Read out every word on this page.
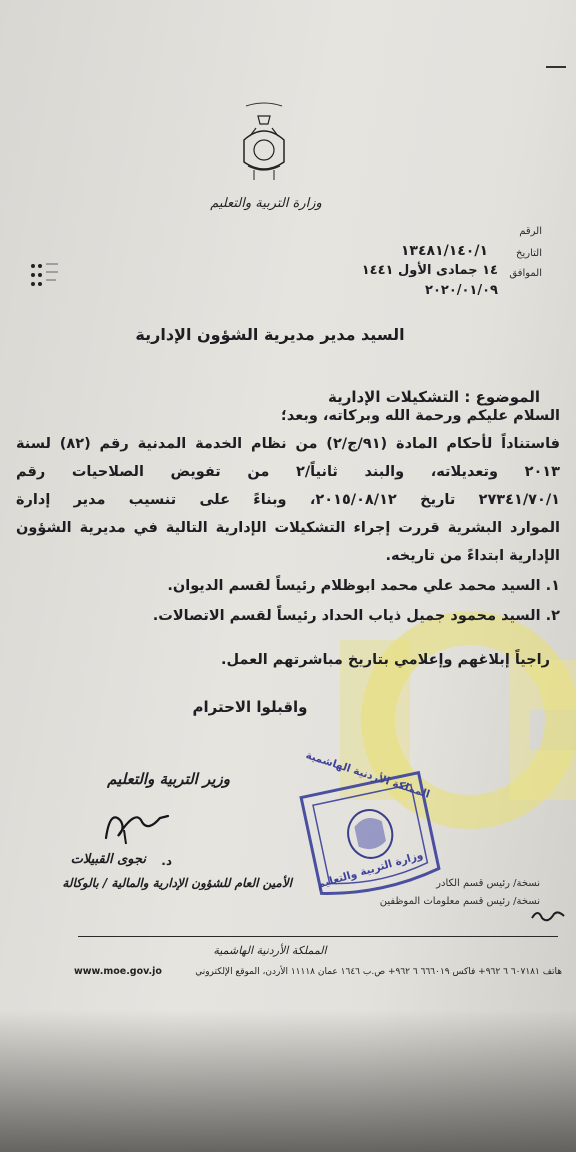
وزارة التربية والتعليم
الرقم
التاريخ
١٣٤٨١/١٤٠/١
الموافق
١٤ جمادى الأول ١٤٤١
٢٠٢٠/٠١/٠٩
السيد مدير مديرية الشؤون الإدارية
الموضوع : التشكيلات الإدارية
السلام عليكم ورحمة الله وبركاته، وبعد؛
فاستناداً لأحكام المادة (٩١/ج/٢) من نظام الخدمة المدنية رقم (٨٢) لسنة
٢٠١٣ وتعديلاته، والبند ثانياً/٢ من تفويض الصلاحيات رقم
٢٧٣٤١/٧٠/١ تاريخ ٢٠١٥/٠٨/١٢، وبناءً على تنسيب مدير إدارة
الموارد البشرية قررت إجراء التشكيلات الإدارية التالية في مديرية الشؤون
الإدارية ابتداءً من تاريخه.
١. السيد محمد علي محمد ابوظلام رئيساً لقسم الديوان.
٢. السيد محمود جميل ذياب الحداد رئيساً لقسم الاتصالات.
راجياً إبلاغهم وإعلامي بتاريخ مباشرتهم العمل.
واقبلوا الاحترام
وزير التربية والتعليم
نجوى القبيلات	د.
الأمين العام للشؤون الإدارية والمالية / بالوكالة
المملكة الأردنية الهاشمية
وزارة التربية والتعليم	نسخة/ رئيس قسم الكادر
نسخة/ رئيس قسم معلومات الموظفين
المملكة الأردنية الهاشمية
هاتف ٦٠٧١٨١ ٦ ٩٦٢+ فاكس ٦٦٦٠١٩ ٦ ٩٦٢+ ص.ب ١٦٤٦ عمان ١١١١٨ الأردن، الموقع الإلكتروني
www.moe.gov.jo
